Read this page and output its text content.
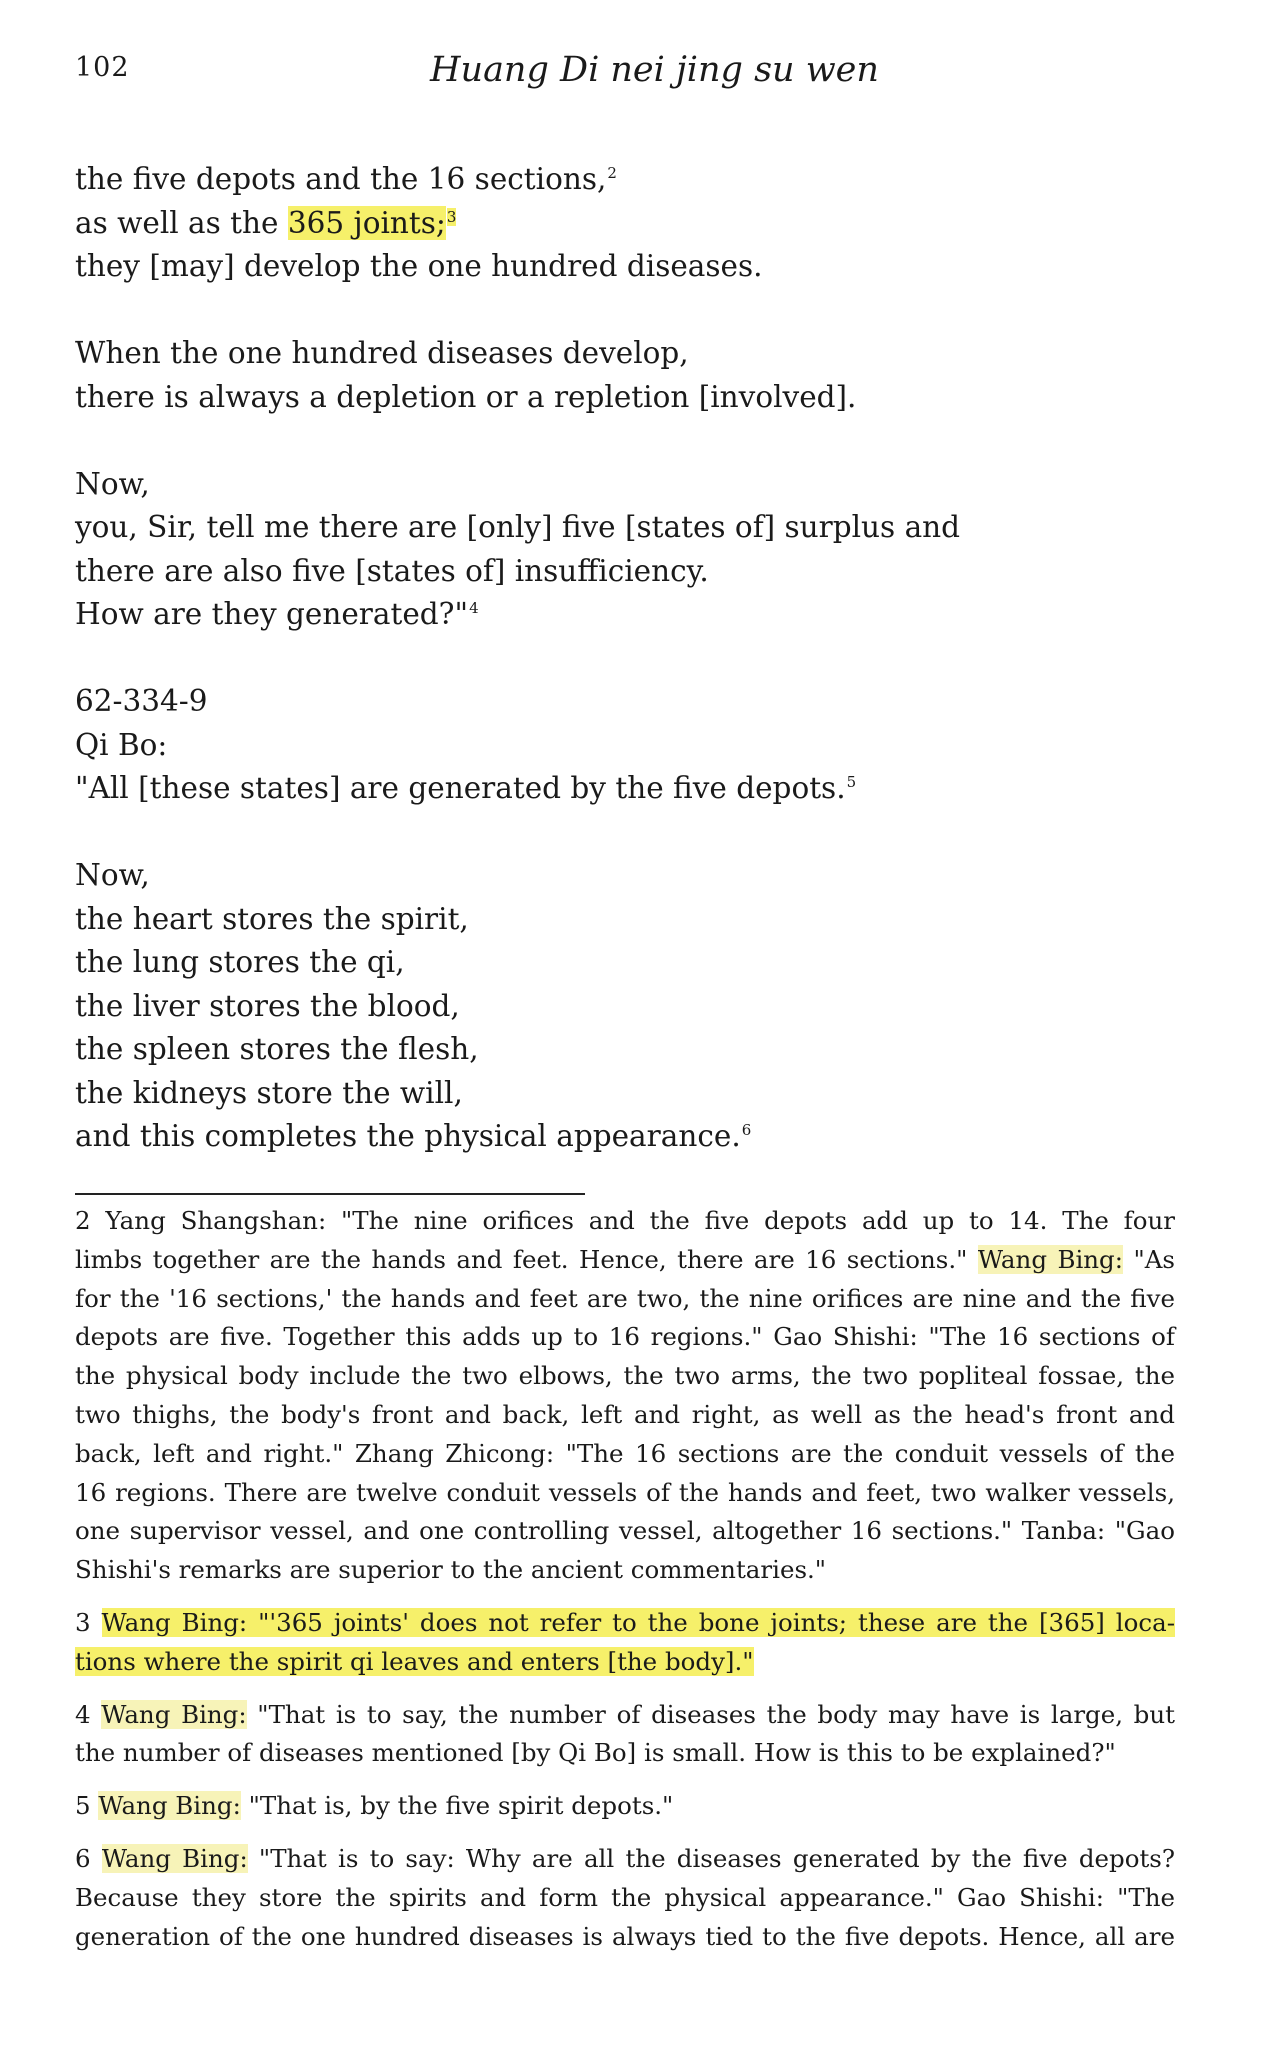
102	Huang Di nei jing su wen
the five depots and the 16 sections,$^2$
as well as the 365 joints;$^3$
they [may] develop the one hundred diseases.
When the one hundred diseases develop,
there is always a depletion or a repletion [involved].
Now,
you, Sir, tell me there are [only] five [states of] surplus and
there are also five [states of] insufficiency.
How are they generated?"$^4$
62-334-9
Qi Bo:
"All [these states] are generated by the five depots.$^5$
Now,
the heart stores the spirit,
the lung stores the qi,
the liver stores the blood,
the spleen stores the flesh,
the kidneys store the will,
and this completes the physical appearance.$^6$
2 Yang Shangshan: "The nine orifices and the five depots add up to 14. The four
limbs together are the hands and feet. Hence, there are 16 sections." Wang Bing: "As
for the '16 sections,' the hands and feet are two, the nine orifices are nine and the five
depots are five. Together this adds up to 16 regions." Gao Shishi: "The 16 sections of
the physical body include the two elbows, the two arms, the two popliteal fossae, the
two thighs, the body's front and back, left and right, as well as the head's front and
back, left and right." Zhang Zhicong: "The 16 sections are the conduit vessels of the
16 regions. There are twelve conduit vessels of the hands and feet, two walker vessels,
one supervisor vessel, and one controlling vessel, altogether 16 sections." Tanba: "Gao
Shishi's remarks are superior to the ancient commentaries."
3 Wang Bing: "'365 joints' does not refer to the bone joints; these are the [365] loca-
tions where the spirit qi leaves and enters [the body]."
4 Wang Bing: "That is to say, the number of diseases the body may have is large, but
the number of diseases mentioned [by Qi Bo] is small. How is this to be explained?"
5 Wang Bing: "That is, by the five spirit depots."
6 Wang Bing: "That is to say: Why are all the diseases generated by the five depots?
Because they store the spirits and form the physical appearance." Gao Shishi: "The
generation of the one hundred diseases is always tied to the five depots. Hence, all are
